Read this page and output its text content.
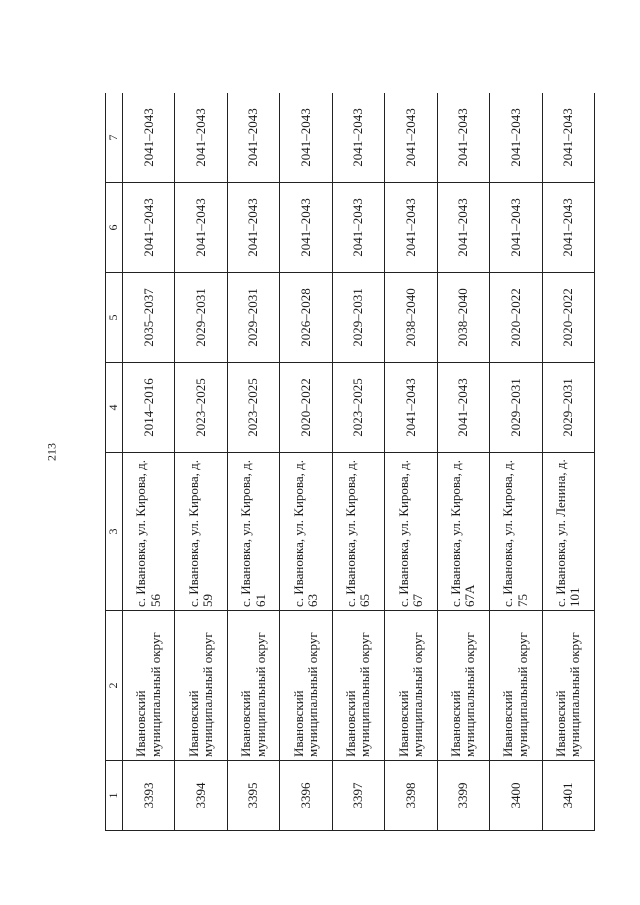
213
1	2	3	4	5	6	7
3393	Ивановский муниципальный округ	с. Ивановка, ул. Кирова, д. 56	2014–2016	2035–2037	2041–2043	2041–2043
3394	Ивановский муниципальный округ	с. Ивановка, ул. Кирова, д. 59	2023–2025	2029–2031	2041–2043	2041–2043
3395	Ивановский муниципальный округ	с. Ивановка, ул. Кирова, д. 61	2023–2025	2029–2031	2041–2043	2041–2043
3396	Ивановский муниципальный округ	с. Ивановка, ул. Кирова, д. 63	2020–2022	2026–2028	2041–2043	2041–2043
3397	Ивановский муниципальный округ	с. Ивановка, ул. Кирова, д. 65	2023–2025	2029–2031	2041–2043	2041–2043
3398	Ивановский муниципальный округ	с. Ивановка, ул. Кирова, д. 67	2041–2043	2038–2040	2041–2043	2041–2043
3399	Ивановский муниципальный округ	с. Ивановка, ул. Кирова, д. 67А	2041–2043	2038–2040	2041–2043	2041–2043
3400	Ивановский муниципальный округ	с. Ивановка, ул. Кирова, д. 75	2029–2031	2020–2022	2041–2043	2041–2043
3401	Ивановский муниципальный округ	с. Ивановка, ул. Ленина, д. 101	2029–2031	2020–2022	2041–2043	2041–2043
